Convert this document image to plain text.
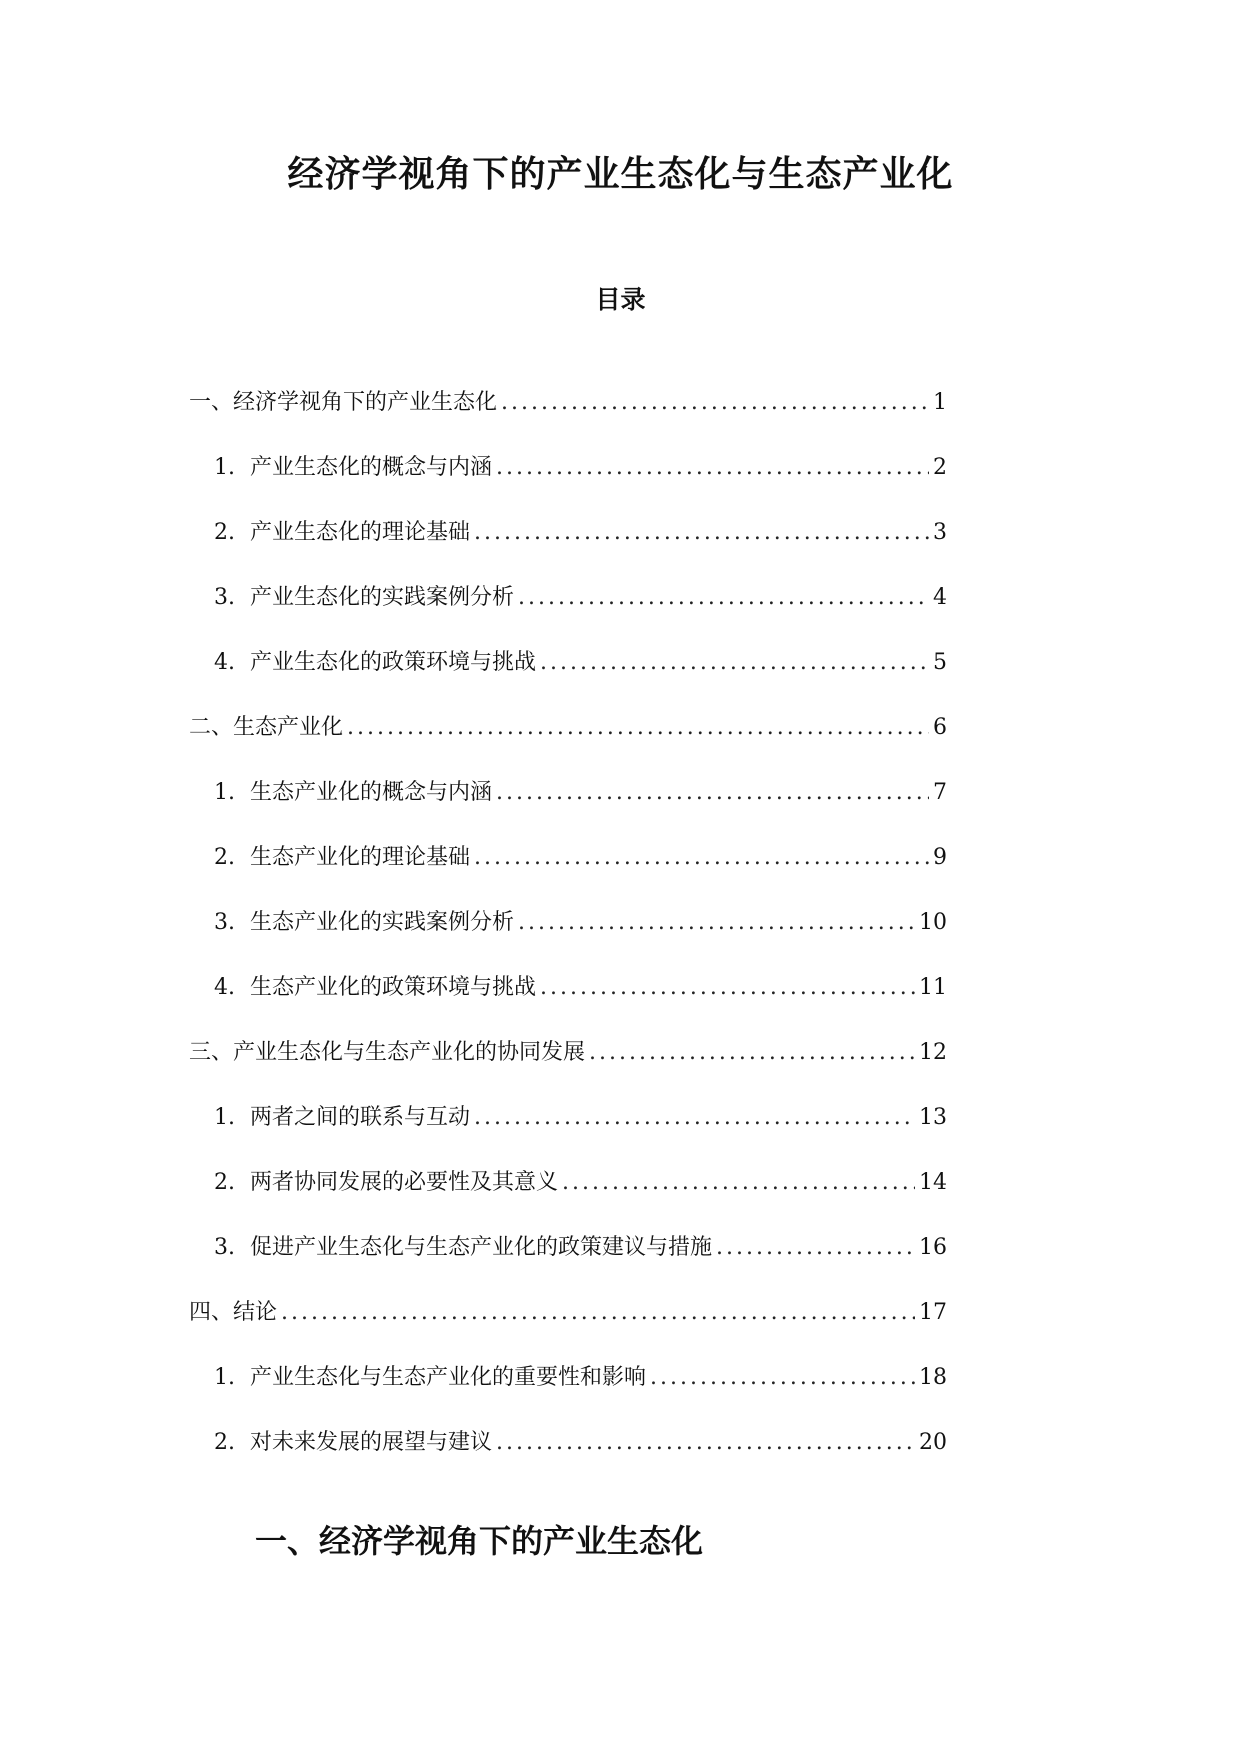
经济学视角下的产业生态化与生态产业化
目录
一、经济学视角下的产业生态化 .....	1
1. 产业生态化的概念与内涵 .....	2
2. 产业生态化的理论基础 .....	3
3. 产业生态化的实践案例分析 .....	4
4. 产业生态化的政策环境与挑战 .....	5
二、生态产业化 .....	6
1. 生态产业化的概念与内涵 .....	7
2. 生态产业化的理论基础 .....	9
3. 生态产业化的实践案例分析 .....	10
4. 生态产业化的政策环境与挑战 .....	11
三、产业生态化与生态产业化的协同发展 .....	12
1. 两者之间的联系与互动 .....	13
2. 两者协同发展的必要性及其意义 .....	14
3. 促进产业生态化与生态产业化的政策建议与措施 .....	16
四、结论 .....	17
1. 产业生态化与生态产业化的重要性和影响 .....	18
2. 对未来发展的展望与建议 .....	20
一、经济学视角下的产业生态化
